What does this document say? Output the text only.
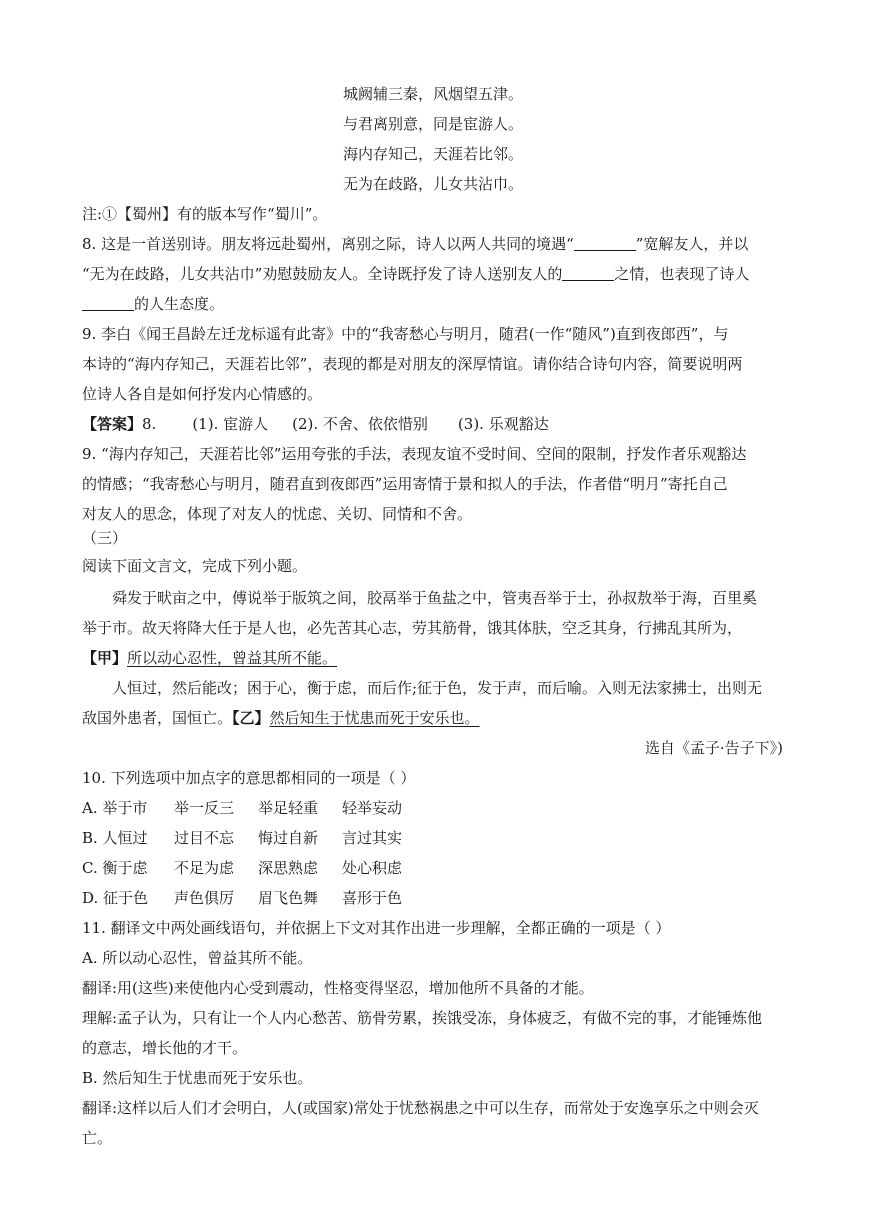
城阙辅三秦，风烟望五津。
与君离别意，同是宦游人。
海内存知己，天涯若比邻。
无为在歧路，儿女共沾巾。
注:①【蜀州】有的版本写作“蜀川”。
8. 这是一首送别诗。朋友将远赴蜀州，离别之际，诗人以两人共同的境遇“	”宽解友人，并以
“无为在歧路，儿女共沾巾”劝慰鼓励友人。全诗既抒发了诗人送别友人的	之情，也表现了诗人
的人生态度。
9. 李白《闻王昌龄左迁龙标遥有此寄》中的“我寄愁心与明月，随君(一作“随风”)直到夜郎西”，与
本诗的“海内存知己，天涯若比邻”，表现的都是对朋友的深厚情谊。请你结合诗句内容，简要说明两
位诗人各自是如何抒发内心情感的。
【答案】8. (1). 宦游人 (2). 不舍、依依惜别 (3). 乐观豁达
9. “海内存知己，天涯若比邻”运用夸张的手法，表现友谊不受时间、空间的限制，抒发作者乐观豁达
的情感；“我寄愁心与明月，随君直到夜郎西”运用寄情于景和拟人的手法，作者借“明月”寄托自己
对友人的思念，体现了对友人的忧虑、关切、同情和不舍。
（三）
阅读下面文言文，完成下列小题。
舜发于畎亩之中，傅说举于版筑之间，胶鬲举于鱼盐之中，管夷吾举于士，孙叔敖举于海，百里奚
举于市。故天将降大任于是人也，必先苦其心志，劳其筋骨，饿其体肤，空乏其身，行拂乱其所为，
【甲】所以动心忍性，曾益其所不能。
人恒过，然后能改；困于心，衡于虑，而后作;征于色，发于声，而后喻。入则无法家拂士，出则无
敌国外患者，国恒亡。【乙】然后知生于忧患而死于安乐也。
选自《孟子·告子下》)
10. 下列选项中加点字的意思都相同的一项是（ ）
A. 举于市 举一反三 举足轻重 轻举妄动
B. 人恒过 过目不忘 悔过自新 言过其实
C. 衡于虑 不足为虑 深思熟虑 处心积虑
D. 征于色 声色俱厉 眉飞色舞 喜形于色
11. 翻译文中两处画线语句，并依据上下文对其作出进一步理解，全都正确的一项是（ ）
A. 所以动心忍性，曾益其所不能。
翻译:用(这些)来使他内心受到震动，性格变得坚忍，增加他所不具备的才能。
理解:孟子认为，只有让一个人内心愁苦、筋骨劳累，挨饿受冻，身体疲乏，有做不完的事，才能锤炼他
的意志，增长他的才干。
B. 然后知生于忧患而死于安乐也。
翻译:这样以后人们才会明白，人(或国家)常处于忧愁祸患之中可以生存，而常处于安逸享乐之中则会灭
亡。
